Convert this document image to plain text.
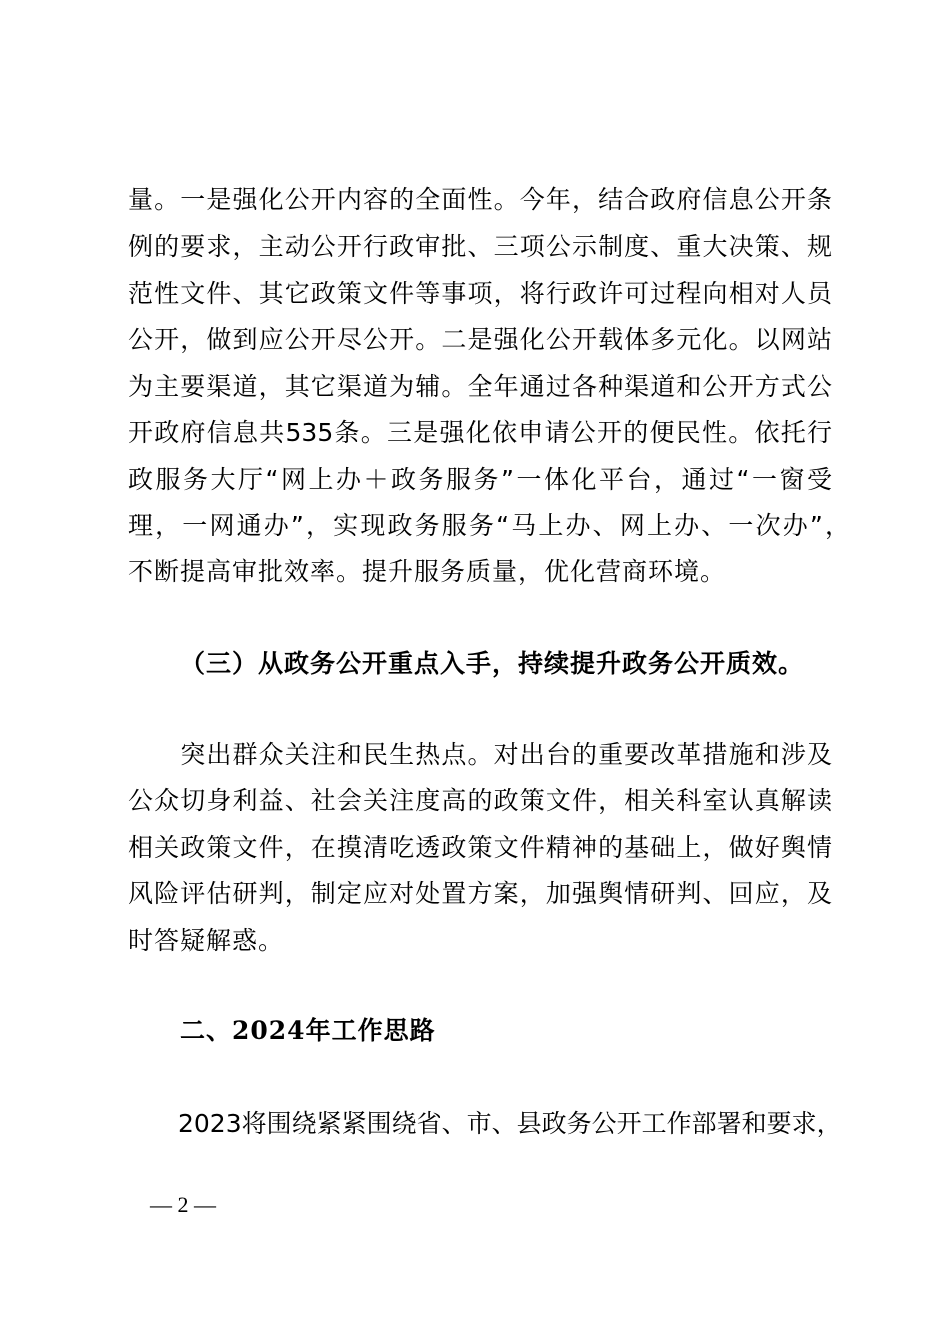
量。一是强化公开内容的全面性。今年，结合政府信息公开条
例的要求，主动公开行政审批、三项公示制度、重大决策、规
范性文件、其它政策文件等事项，将行政许可过程向相对人员
公开，做到应公开尽公开。二是强化公开载体多元化。以网站
为主要渠道，其它渠道为辅。全年通过各种渠道和公开方式公
开政府信息共535条。三是强化依申请公开的便民性。依托行
政服务大厅“网上办＋政务服务”一体化平台，通过“一窗受
理，一网通办”，实现政务服务“马上办、网上办、一次办”，
不断提高审批效率。提升服务质量，优化营商环境。
（三）从政务公开重点入手，持续提升政务公开质效。
　　突出群众关注和民生热点。对出台的重要改革措施和涉及
公众切身利益、社会关注度高的政策文件，相关科室认真解读
相关政策文件，在摸清吃透政策文件精神的基础上，做好舆情
风险评估研判，制定应对处置方案，加强舆情研判、回应，及
时答疑解惑。
二、2024年工作思路
　　2023将围绕紧紧围绕省、市、县政务公开工作部署和要求，
— 2 —
